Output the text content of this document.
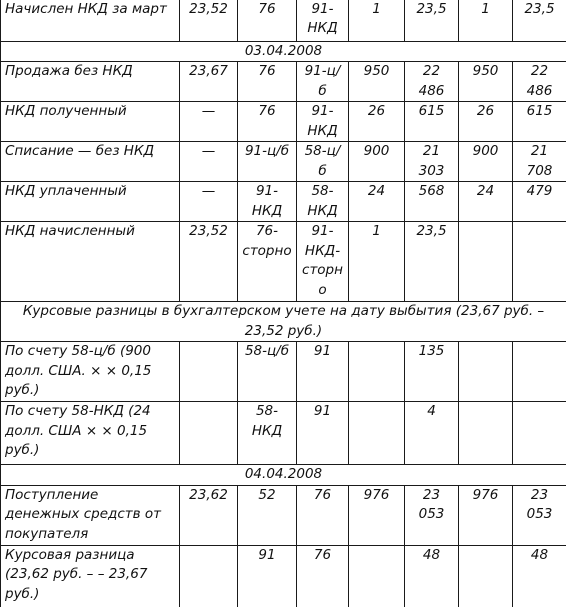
Начислен НКД за март	23,52	76	91-НКД	1	23,5	1	23,5
03.04.2008							
Продажа без НКД	23,67	76	91-ц/б	950	22 486	950	22 486
НКД полученный	—	76	91-НКД	26	615	26	615
Списание — без НКД	—	91-ц/б	58-ц/б	900	21 303	900	21 708
НКД уплаченный	—	91-НКД	58-НКД	24	568	24	479
НКД начисленный	23,52	76-сторно	91-НКД-сторно	1	23,5		
Курсовые разницы в бухгалтерском учете на дату выбытия (23,67 руб. – 23,52 руб.)							
По счету 58-ц/б (900 долл. США. × × 0,15 руб.)		58-ц/б	91		135		
По счету 58-НКД (24 долл. США × × 0,15 руб.)		58-НКД	91		4		
04.04.2008							
Поступление денежных средств от покупателя	23,62	52	76	976	23 053	976	23 053
Курсовая разница (23,62 руб. – – 23,67 руб.)		91	76		48		48
